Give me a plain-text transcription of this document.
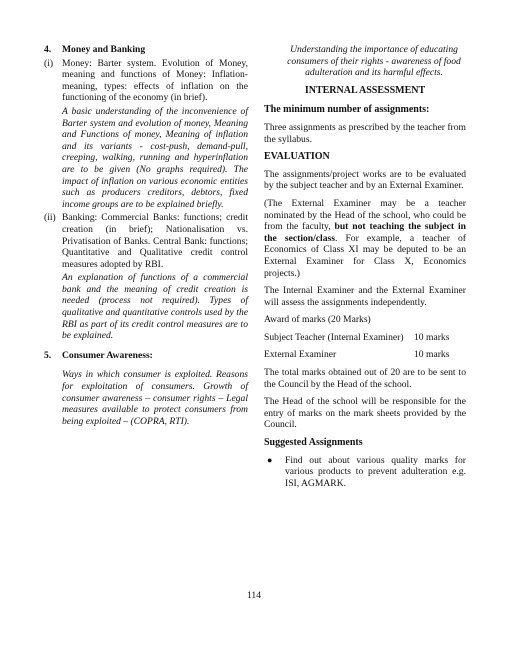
4.	Money and Banking
(i) Money: Barter system. Evolution of Money, meaning and functions of Money: Inflation-meaning, types: effects of inflation on the functioning of the economy (in brief).

A basic understanding of the inconvenience of Barter system and evolution of money, Meaning and Functions of money, Meaning of inflation and its variants - cost-push, demand-pull, creeping, walking, running and hyperinflation are to be given (No graphs required). The impact of inflation on various economic entities such as producers creditors, debtors, fixed income groups are to be explained briefly.

(ii) Banking: Commercial Banks: functions; credit creation (in brief); Nationalisation vs. Privatisation of Banks. Central Bank: functions; Quantitative and Qualitative credit control measures adopted by RBI.

An explanation of functions of a commercial bank and the meaning of credit creation is needed (process not required). Types of qualitative and quantitative controls used by the RBI as part of its credit control measures are to be explained.

5.	Consumer Awareness:

Ways in which consumer is exploited. Reasons for exploitation of consumers. Growth of consumer awareness – consumer rights – Legal measures available to protect consumers from being exploited – (COPRA, RTI).

Understanding the importance of educating consumers of their rights - awareness of food adulteration and its harmful effects.

INTERNAL ASSESSMENT

The minimum number of assignments:

Three assignments as prescribed by the teacher from the syllabus.

EVALUATION

The assignments/project works are to be evaluated by the subject teacher and by an External Examiner.

(The External Examiner may be a teacher nominated by the Head of the school, who could be from the faculty, but not teaching the subject in the section/class. For example, a teacher of Economics of Class XI may be deputed to be an External Examiner for Class X, Economics projects.)

The Internal Examiner and the External Examiner will assess the assignments independently.

Award of marks (20 Marks)

Subject Teacher (Internal Examiner)	10 marks
External Examiner	10 marks

The total marks obtained out of 20 are to be sent to the Council by the Head of the school.

The Head of the school will be responsible for the entry of marks on the mark sheets provided by the Council.

Suggested Assignments

●	Find out about various quality marks for various products to prevent adulteration e.g. ISI, AGMARK.

114
